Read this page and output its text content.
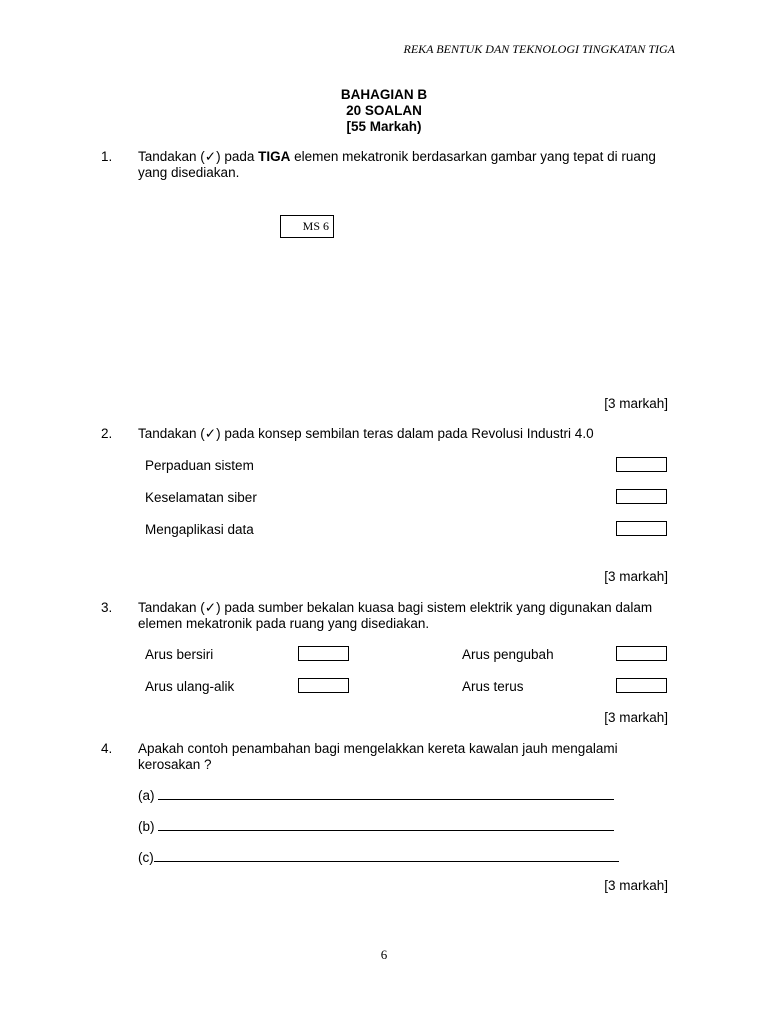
REKA BENTUK DAN TEKNOLOGI TINGKATAN TIGA
BAHAGIAN B
20 SOALAN
[55 Markah)
1. Tandakan (✓) pada TIGA elemen mekatronik berdasarkan gambar yang tepat di ruang yang disediakan.
MS 6
[3 markah]
2. Tandakan (✓) pada konsep sembilan teras dalam pada Revolusi Industri 4.0
Perpaduan sistem
Keselamatan siber
Mengaplikasi data
[3 markah]
3. Tandakan (✓) pada sumber bekalan kuasa bagi sistem elektrik yang digunakan dalam elemen mekatronik pada ruang yang disediakan.
Arus bersiri	Arus pengubah
Arus ulang-alik	Arus terus
[3 markah]
4. Apakah contoh penambahan bagi mengelakkan kereta kawalan jauh mengalami kerosakan ?
(a)
(b)
(c)
[3 markah]
6
